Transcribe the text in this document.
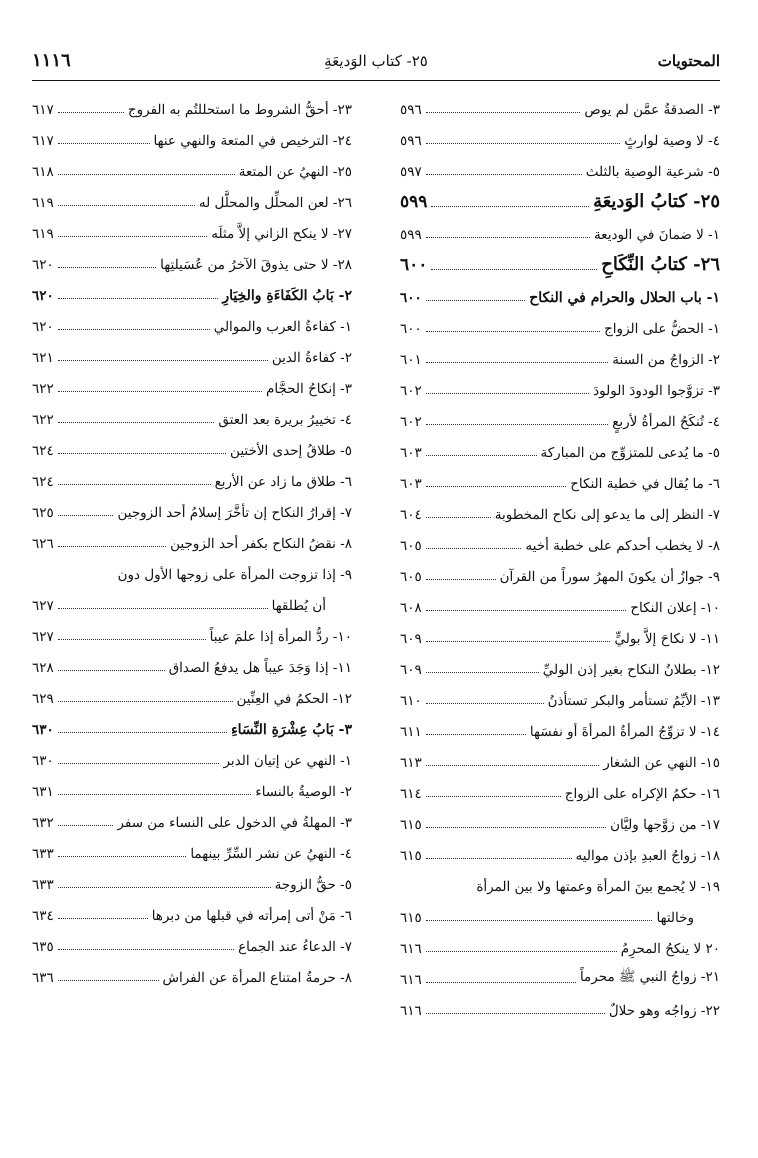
المحتويات
٢٥- كتاب الوَديعَةِ
١١١٦
٣- الصدقةُ عمَّن لم يوص
٥٩٦
٤- لا وصية لوارثٍ
٥٩٦
٥- شرعية الوصية بالثلث
٥٩٧
٢٥- كتابُ الوَديعَةِ
٥٩٩
١- لا ضمانَ في الوديعة
٥٩٩
٢٦- كتابُ النِّكَاحِ
٦٠٠
١- باب الحلال والحرام في النكاح
٦٠٠
١- الحضُّ على الزواج
٦٠٠
٢- الزواجُ من السنة
٦٠١
٣- تزوَّجوا الودودَ الولودَ
٦٠٢
٤- تُنكَحُ المرأةُ لأربعٍ
٦٠٢
٥- ما يُدعى للمتزوِّج من المباركة
٦٠٣
٦- ما يُقال في خطبة النكاح
٦٠٣
٧- النظر إلى ما يدعو إلى نكاح المخطوبة
٦٠٤
٨- لا يخطب أحدكم على خطبة أخيه
٦٠٥
٩- جوازُ أن يكونَ المهرُ سوراً من القرآن
٦٠٥
١٠- إعلان النكاح
٦٠٨
١١- لا نكاحَ إلاَّ بوليٍّ
٦٠٩
١٢- بطلانُ النكاح بغير إذن الوليِّ
٦٠٩
١٣- الأيِّمُ تستأمر والبكر تستأذنُ
٦١٠
١٤- لا تزوِّجُ المرأةُ المرأةَ أو نفسَها
٦١١
١٥- النهي عن الشغار
٦١٣
١٦- حكمُ الإكراه على الزواج
٦١٤
١٧- من زوَّجها وليَّان
٦١٥
١٨- زواجُ العبدِ بإذن مواليه
٦١٥
١٩- لا يُجمع بينَ المرأة وعمتها ولا بين المرأة
وخالتها
٦١٥
٢٠ لا ينكحُ المحرِمُ
٦١٦
٢١- زواجُ النبي ﷺ محرماً
٦١٦
٢٢- زواجُه وهو حلالٌ
٦١٦
٢٣- أحقُّ الشروط ما استحللتُم به الفروج
٦١٧
٢٤- الترخيص في المتعة والنهي عنها
٦١٧
٢٥- النهيُ عن المتعة
٦١٨
٢٦- لعن المحلِّل والمحلَّل له
٦١٩
٢٧- لا ينكح الزاني إلاَّ مثلَه
٦١٩
٢٨- لا حتى يذوقَ الآخرُ من عُسَيلتِها
٦٢٠
٢- بَابُ الكَفَاءَةِ والخِيَارِ
٦٢٠
١- كفاءةُ العرب والموالي
٦٢٠
٢- كفاءةُ الدين
٦٢١
٣- إنكاحُ الحجَّام
٦٢٢
٤- تخييرُ بريرة بعد العتق
٦٢٢
٥- طلاقُ إحدى الأختين
٦٢٤
٦- طلاق ما زاد عن الأربع
٦٢٤
٧- إقرارُ النكاح إن تأخَّرَ إسلامُ أحد الزوجين
٦٢٥
٨- نقضُ النكاح بكفر أحد الزوجين
٦٢٦
٩- إذا تزوجت المرأة على زوجها الأول دون
أن يُطلقها
٦٢٧
١٠- ردُّ المرأة إذا علمَ عيباً
٦٢٧
١١- إذا وَجَدَ عيباً هل يدفعُ الصداق
٦٢٨
١٢- الحكمُ في العِنِّين
٦٢٩
٣- بَابُ عِشْرَةِ النِّسَاءِ
٦٣٠
١- النهي عن إتيان الدبر
٦٣٠
٢- الوصيةُ بالنساء
٦٣١
٣- المهلةُ في الدخول على النساء من سفر
٦٣٢
٤- النهيُ عن نشر السِّرِّ بينهما
٦٣٣
٥- حقُّ الزوجة
٦٣٣
٦- مَنْ أتى إمرأته في قبلها من دبرها
٦٣٤
٧- الدعاءُ عند الجماع
٦٣٥
٨- حرمةُ امتناع المرأة عن الفراش
٦٣٦
